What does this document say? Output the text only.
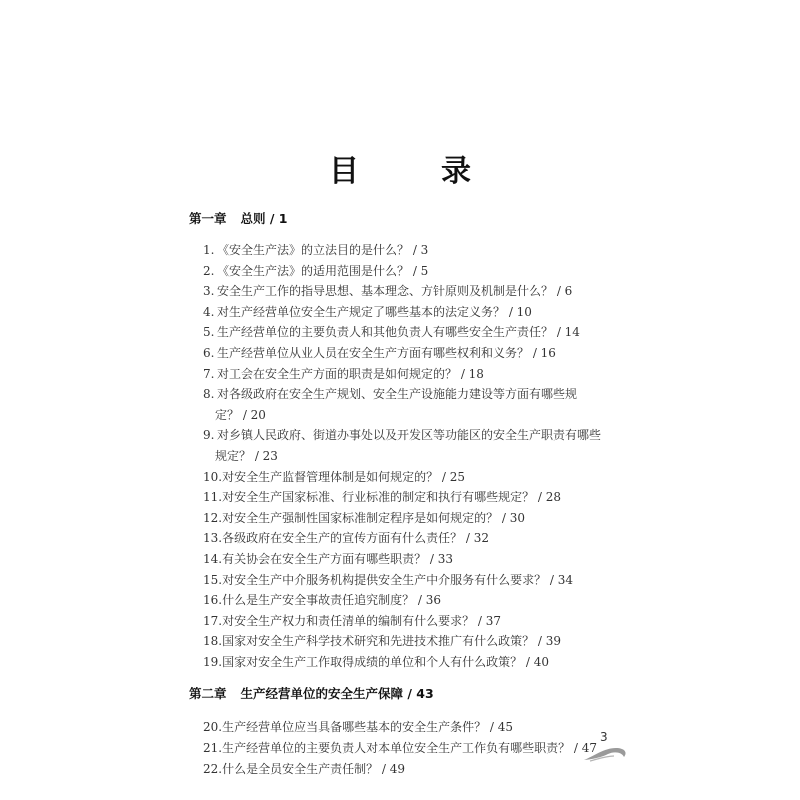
目	录
第一章 总则 / 1
1. 《安全生产法》的立法目的是什么？ / 3
2. 《安全生产法》的适用范围是什么？ / 5
3. 安全生产工作的指导思想、基本理念、方针原则及机制是什么？ / 6
4. 对生产经营单位安全生产规定了哪些基本的法定义务？ / 10
5. 生产经营单位的主要负责人和其他负责人有哪些安全生产责任？ / 14
6. 生产经营单位从业人员在安全生产方面有哪些权利和义务？ / 16
7. 对工会在安全生产方面的职责是如何规定的？ / 18
8. 对各级政府在安全生产规划、安全生产设施能力建设等方面有哪些规
定？ / 20
9. 对乡镇人民政府、街道办事处以及开发区等功能区的安全生产职责有哪些
规定？ / 23
10.对安全生产监督管理体制是如何规定的？ / 25
11.对安全生产国家标准、行业标准的制定和执行有哪些规定？ / 28
12.对安全生产强制性国家标准制定程序是如何规定的？ / 30
13.各级政府在安全生产的宣传方面有什么责任？ / 32
14.有关协会在安全生产方面有哪些职责？ / 33
15.对安全生产中介服务机构提供安全生产中介服务有什么要求？ / 34
16.什么是生产安全事故责任追究制度？ / 36
17.对安全生产权力和责任清单的编制有什么要求？ / 37
18.国家对安全生产科学技术研究和先进技术推广有什么政策？ / 39
19.国家对安全生产工作取得成绩的单位和个人有什么政策？ / 40
第二章 生产经营单位的安全生产保障 / 43
20.生产经营单位应当具备哪些基本的安全生产条件？ / 45
21.生产经营单位的主要负责人对本单位安全生产工作负有哪些职责？ / 47
22.什么是全员安全生产责任制？ / 49
3
